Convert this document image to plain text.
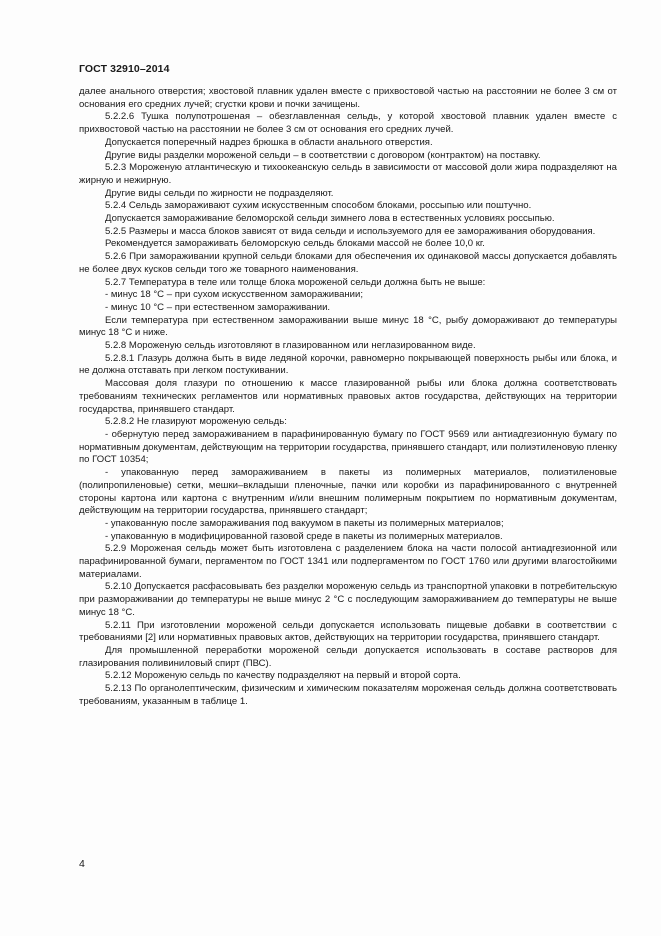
ГОСТ 32910–2014

далее анального отверстия; хвостовой плавник удален вместе с прихвостовой частью на расстоянии не более 3 см от основания его средних лучей; сгустки крови и почки зачищены.

5.2.2.6 Тушка полупотрошеная – обезглавленная сельдь, у которой хвостовой плавник удален вместе с прихвостовой частью на расстоянии не более 3 см от основания его средних лучей.

Допускается поперечный надрез брюшка в области анального отверстия.

Другие виды разделки мороженой сельди – в соответствии с договором (контрактом) на поставку.

5.2.3 Мороженую атлантическую и тихоокеанскую сельдь в зависимости от массовой доли жира подразделяют на жирную и нежирную.

Другие виды сельди по жирности не подразделяют.

5.2.4 Сельдь замораживают сухим искусственным способом блоками, россыпью или поштучно.

Допускается замораживание беломорской сельди зимнего лова в естественных условиях россыпью.

5.2.5 Размеры и масса блоков зависят от вида сельди и используемого для ее замораживания оборудования.

Рекомендуется замораживать беломорскую сельдь блоками массой не более 10,0 кг.

5.2.6 При замораживании крупной сельди блоками для обеспечения их одинаковой массы допускается добавлять не более двух кусков сельди того же товарного наименования.

5.2.7 Температура в теле или толще блока мороженой сельди должна быть не выше:

- минус 18 °С – при сухом искусственном замораживании;

- минус 10 °С – при естественном замораживании.

Если температура при естественном замораживании выше минус 18 °С, рыбу домораживают до температуры минус 18 °С и ниже.

5.2.8 Мороженую сельдь изготовляют в глазированном или неглазированном виде.

5.2.8.1 Глазурь должна быть в виде ледяной корочки, равномерно покрывающей поверхность рыбы или блока, и не должна отставать при легком постукивании.

Массовая доля глазури по отношению к массе глазированной рыбы или блока должна соответствовать требованиям технических регламентов или нормативных правовых актов государства, действующих на территории государства, принявшего стандарт.

5.2.8.2 Не глазируют мороженую сельдь:

- обернутую перед замораживанием в парафинированную бумагу по ГОСТ 9569 или антиадгезионную бумагу по нормативным документам, действующим на территории государства, принявшего стандарт, или полиэтиленовую пленку по ГОСТ 10354;

- упакованную перед замораживанием в пакеты из полимерных материалов, полиэтиленовые (полипропиленовые) сетки, мешки–вкладыши пленочные, пачки или коробки из парафинированного с внутренней стороны картона или картона с внутренним и/или внешним полимерным покрытием по нормативным документам, действующим на территории государства, принявшего стандарт;

- упакованную после замораживания под вакуумом в пакеты из полимерных материалов;

- упакованную в модифицированной газовой среде в пакеты из полимерных материалов.

5.2.9 Мороженая сельдь может быть изготовлена с разделением блока на части полосой антиадгезионной или парафинированной бумаги, пергаментом по ГОСТ 1341 или подпергаментом по ГОСТ 1760 или другими влагостойкими материалами.

5.2.10 Допускается расфасовывать без разделки мороженую сельдь из транспортной упаковки в потребительскую при размораживании до температуры не выше минус 2 °С с последующим замораживанием до температуры не выше минус 18 °С.

5.2.11 При изготовлении мороженой сельди допускается использовать пищевые добавки в соответствии с требованиями [2] или нормативных правовых актов, действующих на территории государства, принявшего стандарт.

Для промышленной переработки мороженой сельди допускается использовать в составе растворов для глазирования поливиниловый спирт (ПВС).

5.2.12 Мороженую сельдь по качеству подразделяют на первый и второй сорта.

5.2.13 По органолептическим, физическим и химическим показателям мороженая сельдь должна соответствовать требованиям, указанным в таблице 1.

4
